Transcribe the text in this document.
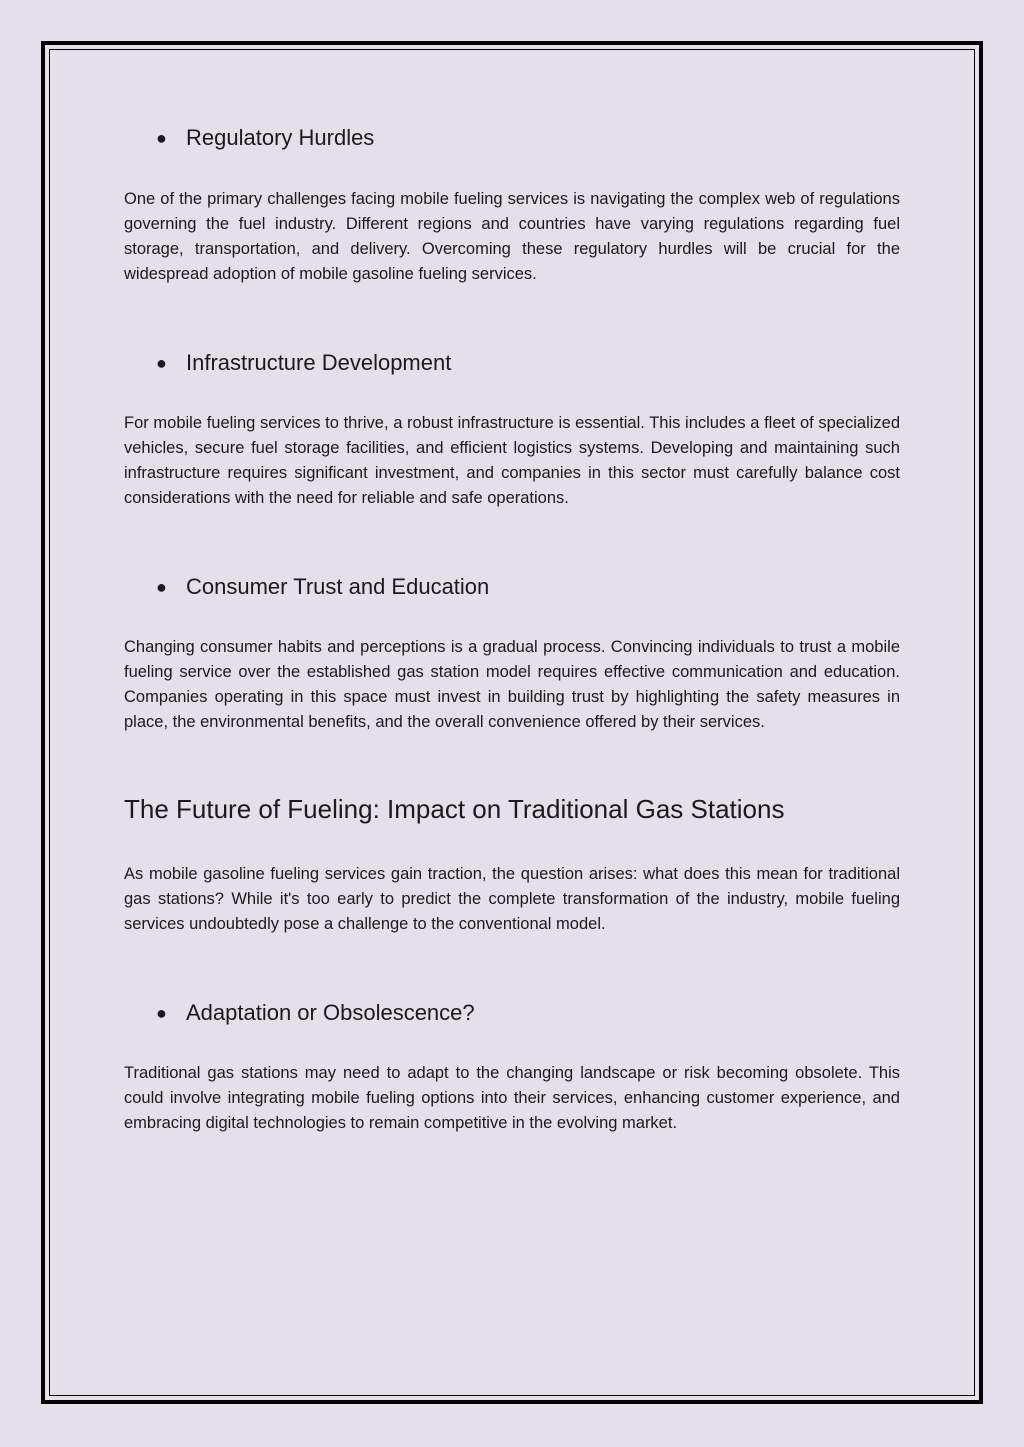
● Regulatory Hurdles

One of the primary challenges facing mobile fueling services is navigating the complex web of regulations governing the fuel industry. Different regions and countries have varying regulations regarding fuel storage, transportation, and delivery. Overcoming these regulatory hurdles will be crucial for the widespread adoption of mobile gasoline fueling services.

● Infrastructure Development

For mobile fueling services to thrive, a robust infrastructure is essential. This includes a fleet of specialized vehicles, secure fuel storage facilities, and efficient logistics systems. Developing and maintaining such infrastructure requires significant investment, and companies in this sector must carefully balance cost considerations with the need for reliable and safe operations.

● Consumer Trust and Education

Changing consumer habits and perceptions is a gradual process. Convincing individuals to trust a mobile fueling service over the established gas station model requires effective communication and education. Companies operating in this space must invest in building trust by highlighting the safety measures in place, the environmental benefits, and the overall convenience offered by their services.

The Future of Fueling: Impact on Traditional Gas Stations

As mobile gasoline fueling services gain traction, the question arises: what does this mean for traditional gas stations? While it's too early to predict the complete transformation of the industry, mobile fueling services undoubtedly pose a challenge to the conventional model.

● Adaptation or Obsolescence?

Traditional gas stations may need to adapt to the changing landscape or risk becoming obsolete. This could involve integrating mobile fueling options into their services, enhancing customer experience, and embracing digital technologies to remain competitive in the evolving market.
